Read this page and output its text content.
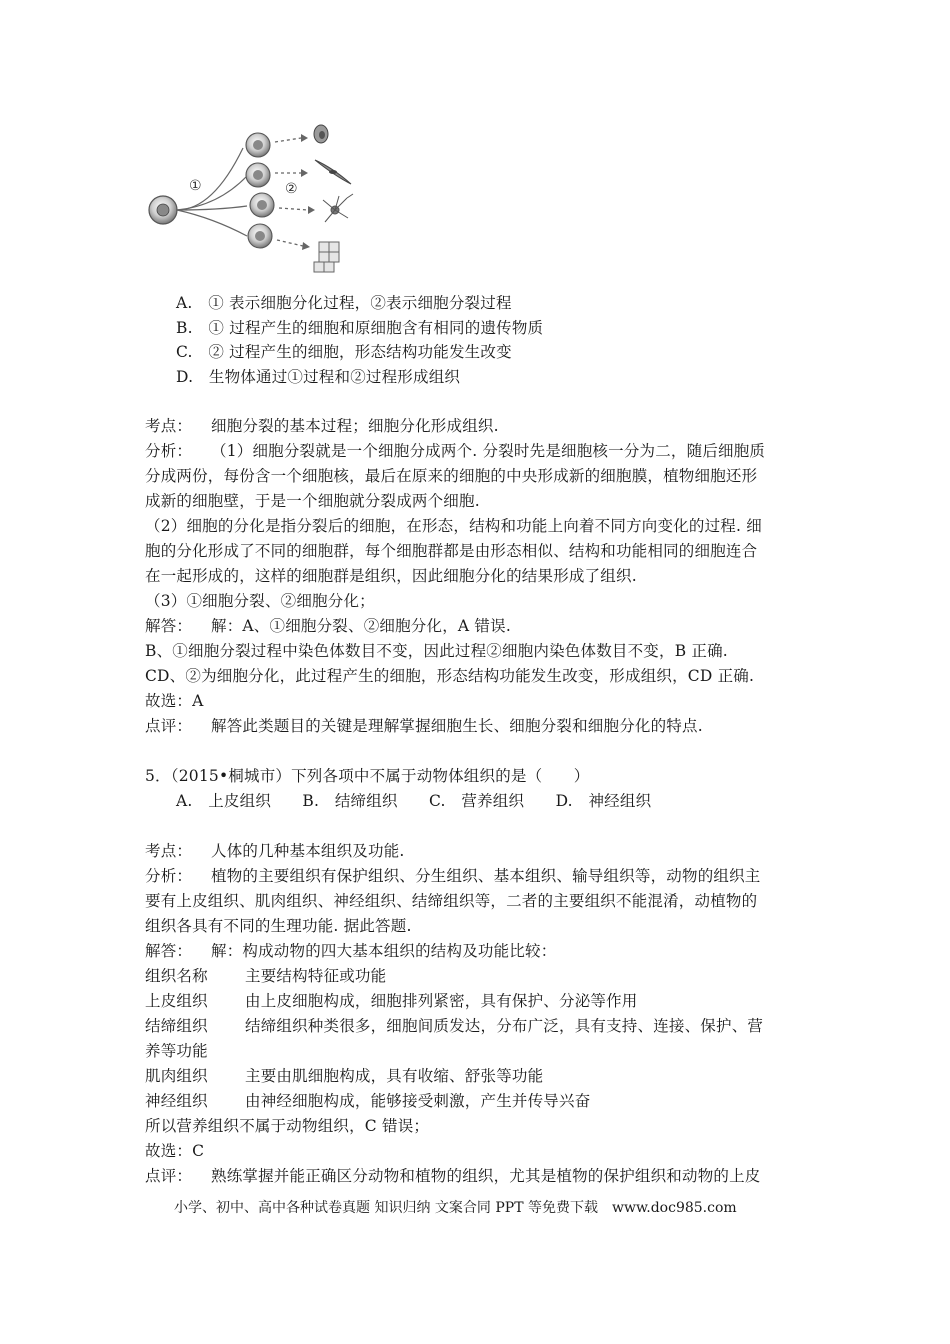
①	②
A.　① 表示细胞分化过程，②表示细胞分裂过程
B.　① 过程产生的细胞和原细胞含有相同的遗传物质
C.　② 过程产生的细胞，形态结构功能发生改变
D.　生物体通过①过程和②过程形成组织
考点： 细胞分裂的基本过程；细胞分化形成组织.
分析： （1）细胞分裂就是一个细胞分成两个. 分裂时先是细胞核一分为二，随后细胞质
分成两份，每份含一个细胞核，最后在原来的细胞的中央形成新的细胞膜，植物细胞还形
成新的细胞壁，于是一个细胞就分裂成两个细胞.
（2）细胞的分化是指分裂后的细胞，在形态，结构和功能上向着不同方向变化的过程. 细
胞的分化形成了不同的细胞群，每个细胞群都是由形态相似、结构和功能相同的细胞连合
在一起形成的，这样的细胞群是组织，因此细胞分化的结果形成了组织.
（3）①细胞分裂、②细胞分化；
解答： 解：A、①细胞分裂、②细胞分化，A 错误.
B、①细胞分裂过程中染色体数目不变，因此过程②细胞内染色体数目不变，B 正确.
CD、②为细胞分化，此过程产生的细胞，形态结构功能发生改变，形成组织，CD 正确.
故选：A
点评： 解答此类题目的关键是理解掌握细胞生长、细胞分裂和细胞分化的特点.
5．（2015•桐城市）下列各项中不属于动物体组织的是（　　）
A.　上皮组织　　B.　结缔组织　　C.　营养组织　　D.　神经组织
考点： 人体的几种基本组织及功能.
分析： 植物的主要组织有保护组织、分生组织、基本组织、输导组织等，动物的组织主
要有上皮组织、肌肉组织、神经组织、结缔组织等，二者的主要组织不能混淆，动植物的
组织各具有不同的生理功能. 据此答题.
解答： 解：构成动物的四大基本组织的结构及功能比较：
组织名称 主要结构特征或功能
上皮组织 由上皮细胞构成，细胞排列紧密，具有保护、分泌等作用
结缔组织 结缔组织种类很多，细胞间质发达，分布广泛，具有支持、连接、保护、营
养等功能
肌肉组织 主要由肌细胞构成，具有收缩、舒张等功能
神经组织 由神经细胞构成，能够接受刺激，产生并传导兴奋
所以营养组织不属于动物组织，C 错误；
故选：C
点评： 熟练掌握并能正确区分动物和植物的组织，尤其是植物的保护组织和动物的上皮
小学、初中、高中各种试卷真题 知识归纳 文案合同 PPT 等免费下载　www.doc985.com
